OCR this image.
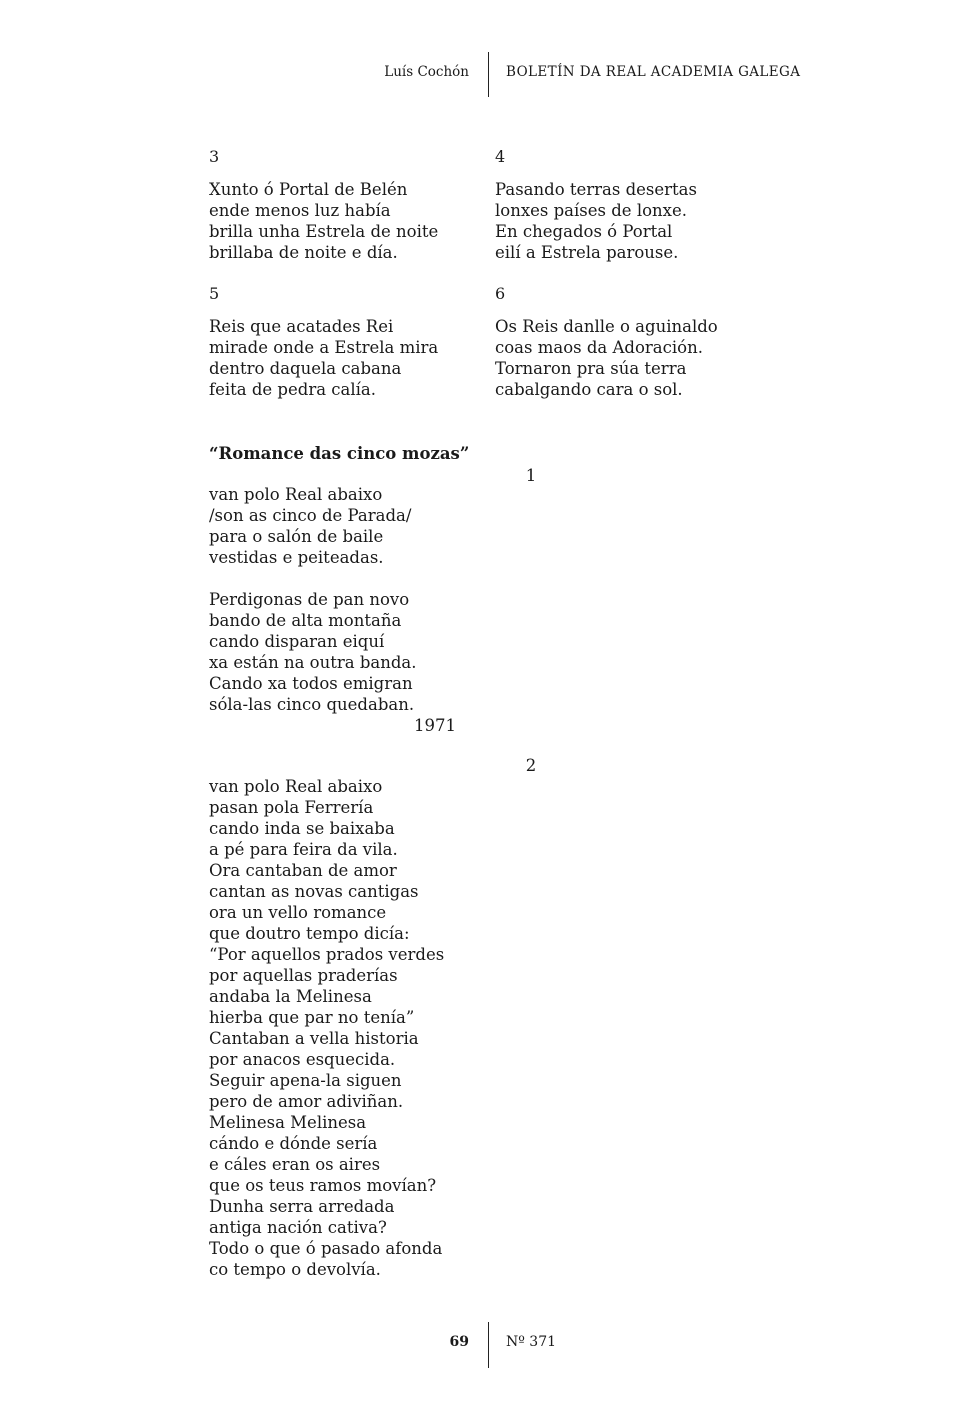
Luís Cochón	BOLETÍN DA REAL ACADEMIA GALEGA
3
Xunto ó Portal de Belén
ende menos luz había
brilla unha Estrela de noite
brillaba de noite e día.
4
Pasando terras desertas
lonxes países de lonxe.
En chegados ó Portal
eilí a Estrela parouse.
5
Reis que acatades Rei
mirade onde a Estrela mira
dentro daquela cabana
feita de pedra calía.
6
Os Reis danlle o aguinaldo
coas maos da Adoración.
Tornaron pra súa terra
cabalgando cara o sol.
“Romance das cinco mozas”
1
van polo Real abaixo
/son as cinco de Parada/
para o salón de baile
vestidas e peiteadas.
Perdigonas de pan novo
bando de alta montaña
cando disparan eiquí
xa están na outra banda.
Cando xa todos emigran
sóla-las cinco quedaban.
1971
2
van polo Real abaixo
pasan pola Ferrería
cando inda se baixaba
a pé para feira da vila.
Ora cantaban de amor
cantan as novas cantigas
ora un vello romance
que doutro tempo dicía:
“Por aquellos prados verdes
por aquellas praderías
andaba la Melinesa
hierba que par no tenía”
Cantaban a vella historia
por anacos esquecida.
Seguir apena-la siguen
pero de amor adiviñan.
Melinesa Melinesa
cándo e dónde sería
e cáles eran os aires
que os teus ramos movían?
Dunha serra arredada
antiga nación cativa?
Todo o que ó pasado afonda
co tempo o devolvía.
69	Nº 371
